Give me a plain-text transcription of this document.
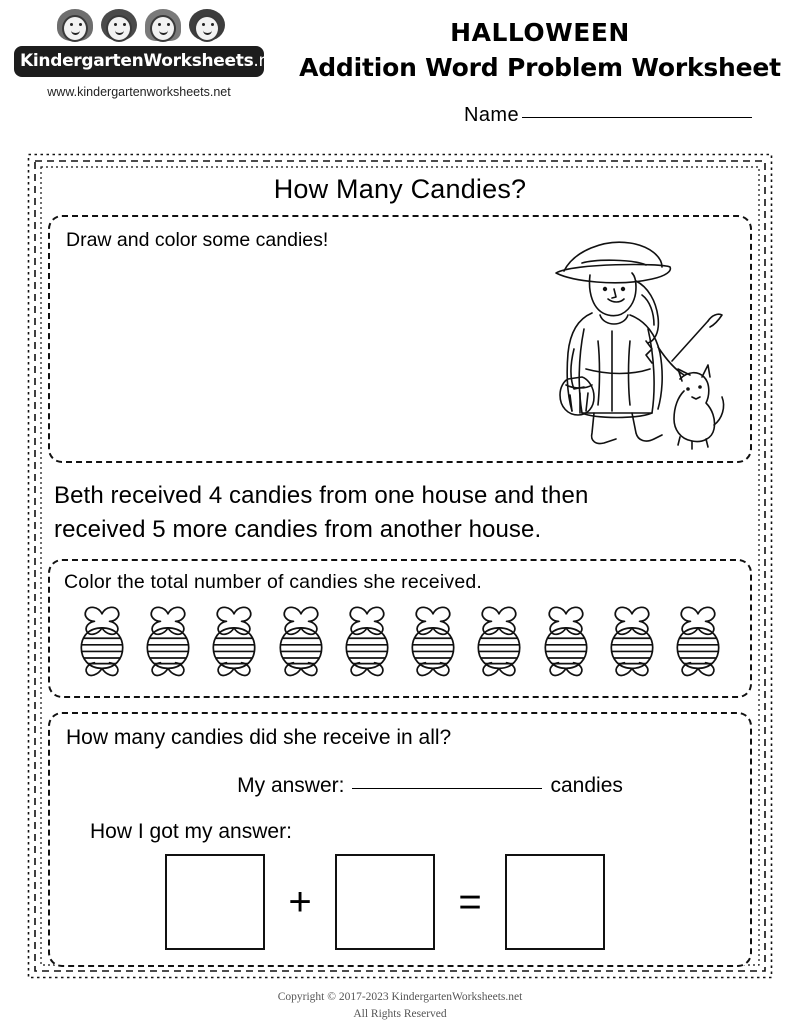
KindergartenWorksheets.net
www.kindergartenworksheets.net
HALLOWEEN
Addition Word Problem Worksheet
Name
How Many Candies?
Draw and color some candies!
Beth received 4 candies from one house and then
received 5 more candies from another house.
Color the total number of candies she received.
How many candies did she receive in all?
My answer:	candies
How I got my answer:
+	=
Copyright © 2017-2023 KindergartenWorksheets.net
All Rights Reserved
